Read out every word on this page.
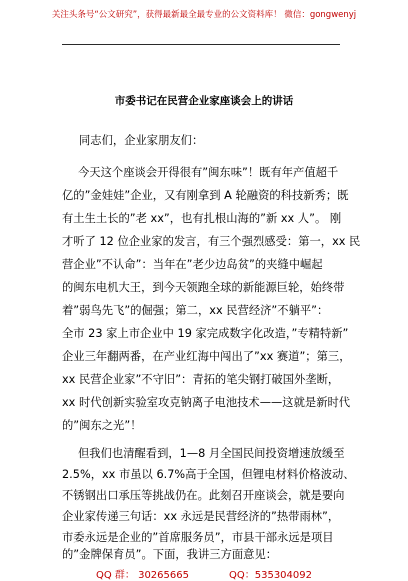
关注头条号“公文研究”，获得最新最全最专业的公文资料库！ 微信：gongwenyj
市委书记在民营企业家座谈会上的讲话
同志们，企业家朋友们：
今天这个座谈会开得很有”闽东味”！既有年产值超千
亿的”金娃娃”企业，又有刚拿到 A 轮融资的科技新秀；既
有土生土长的”老 xx”，也有扎根山海的”新 xx 人”。 刚
才听了 12 位企业家的发言，有三个强烈感受：第一，xx 民
营企业”不认命”：当年在”老少边岛贫”的夹缝中崛起
的闽东电机大王，到今天领跑全球的新能源巨轮，始终带
着”弱鸟先飞”的倔强；第二，xx 民营经济”不躺平”：
全市 23 家上市企业中 19 家完成数字化改造，”专精特新”
企业三年翻两番，在产业红海中闯出了”xx 赛道”；第三，
xx 民营企业家”不守旧”：青拓的笔尖钢打破国外垄断，
xx 时代创新实验室攻克钠离子电池技术——这就是新时代
的”闽东之光”！
但我们也清醒看到，1—8 月全国民间投资增速放缓至
2.5%，xx 市虽以 6.7%高于全国，但锂电材料价格波动、
不锈钢出口承压等挑战仍在。此刻召开座谈会，就是要向
企业家传递三句话：xx 永远是民营经济的”热带雨林”，
市委永远是企业的”首席服务员”，市县干部永远是项目
QQ 群： 30265665	QQ：535304092
的”金牌保育员”。下面，我讲三方面意见：
